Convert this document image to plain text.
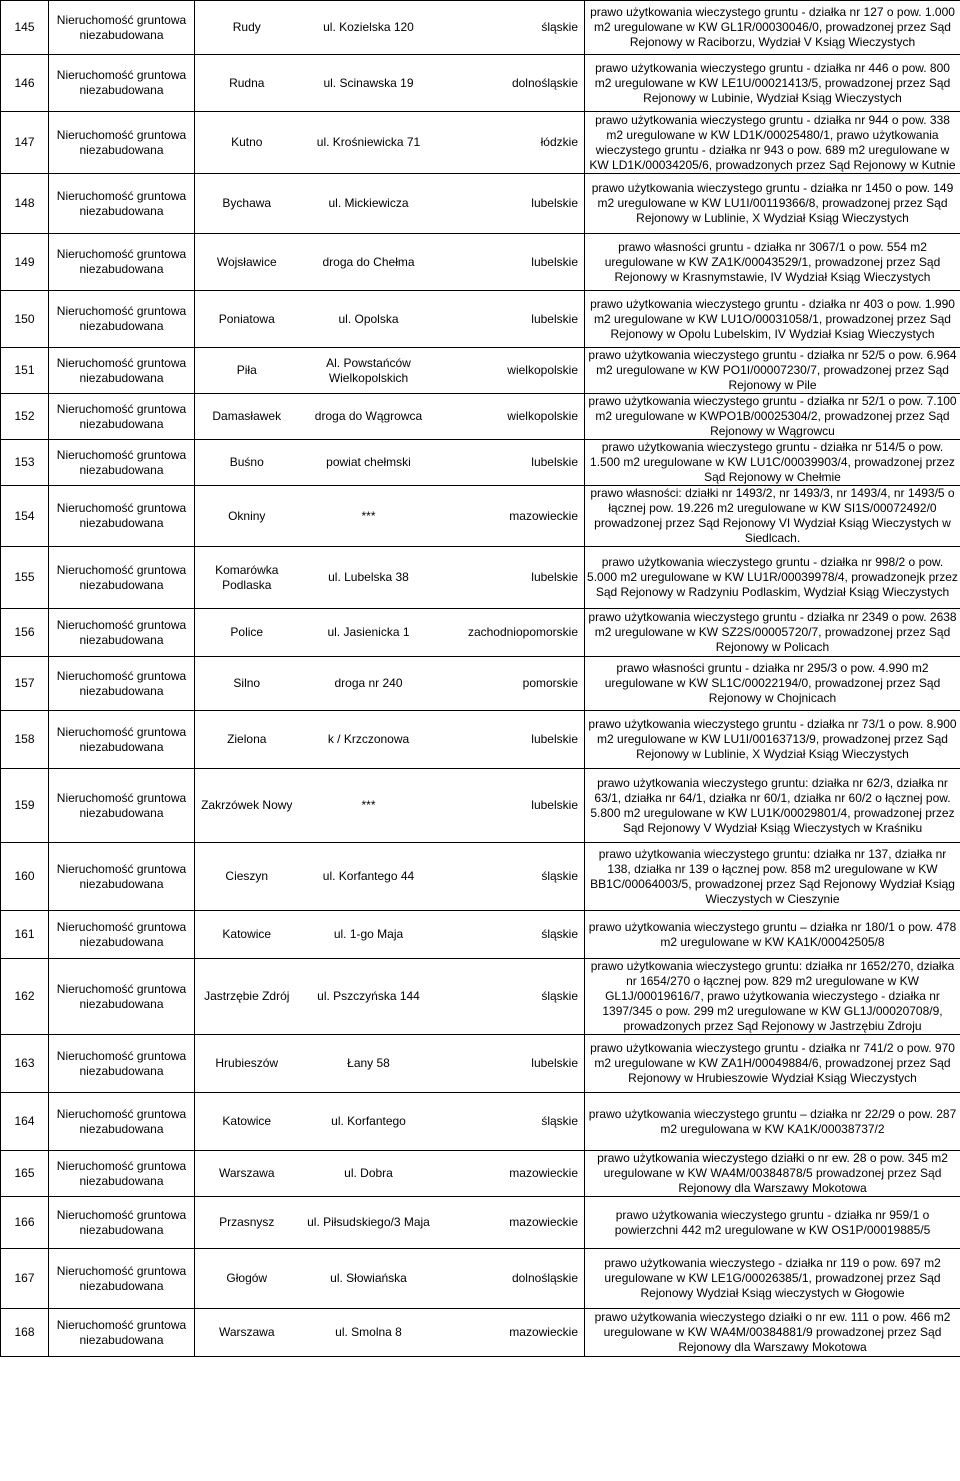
145	Nieruchomość gruntowa niezabudowana	Rudy	ul. Kozielska 120	śląskie	prawo użytkowania wieczystego gruntu - działka nr 127 o pow. 1.000 m2 uregulowane w KW GL1R/00030046/0, prowadzonej przez Sąd Rejonowy w Raciborzu, Wydział V Ksiąg Wieczystych
146	Nieruchomość gruntowa niezabudowana	Rudna	ul. Scinawska 19	dolnośląskie	prawo użytkowania wieczystego gruntu - działka nr 446 o pow. 800 m2 uregulowane w KW LE1U/00021413/5, prowadzonej przez Sąd Rejonowy w Lubinie, Wydział Ksiąg Wieczystych
147	Nieruchomość gruntowa niezabudowana	Kutno	ul. Krośniewicka 71	łódzkie	prawo użytkowania wieczystego gruntu - działka nr 944 o pow. 338 m2 uregulowane w KW LD1K/00025480/1, prawo użytkowania wieczystego gruntu - działka nr 943 o pow. 689 m2 uregulowane w KW LD1K/00034205/6, prowadzonych przez Sąd Rejonowy w Kutnie
148	Nieruchomość gruntowa niezabudowana	Bychawa	ul. Mickiewicza	lubelskie	prawo użytkowania wieczystego gruntu - działka nr 1450 o pow. 149 m2 uregulowane w KW LU1I/00119366/8, prowadzonej przez Sąd Rejonowy w Lublinie, X Wydział Ksiąg Wieczystych
149	Nieruchomość gruntowa niezabudowana	Wojsławice	droga do Chełma	lubelskie	prawo własności gruntu - działka nr 3067/1 o pow. 554 m2 uregulowane w KW ZA1K/00043529/1, prowadzonej przez Sąd Rejonowy w Krasnymstawie, IV Wydział Ksiąg Wieczystych
150	Nieruchomość gruntowa niezabudowana	Poniatowa	ul. Opolska	lubelskie	prawo użytkowania wieczystego gruntu - działka nr 403 o pow. 1.990 m2 uregulowane w KW LU1O/00031058/1, prowadzonej przez Sąd Rejonowy w Opolu Lubelskim, IV Wydział Ksiag Wieczystych
151	Nieruchomość gruntowa niezabudowana	Piła	Al. Powstańców Wielkopolskich	wielkopolskie	prawo użytkowania wieczystego gruntu - działka nr 52/5 o pow. 6.964 m2 uregulowane w KW PO1I/00007230/7, prowadzonej przez Sąd Rejonowy w Pile
152	Nieruchomość gruntowa niezabudowana	Damasławek	droga do Wągrowca	wielkopolskie	prawo użytkowania wieczystego gruntu - działka nr 52/1 o pow. 7.100 m2 uregulowane w KWPO1B/00025304/2, prowadzonej przez Sąd Rejonowy w Wągrowcu
153	Nieruchomość gruntowa niezabudowana	Buśno	powiat chełmski	lubelskie	prawo użytkowania wieczystego gruntu - działka nr 514/5 o pow. 1.500 m2 uregulowane w KW LU1C/00039903/4, prowadzonej przez Sąd Rejonowy w Chełmie
154	Nieruchomość gruntowa niezabudowana	Okniny	***	mazowieckie	prawo własności: działki nr 1493/2, nr 1493/3, nr 1493/4, nr 1493/5 o łącznej pow. 19.226 m2 uregulowane w KW SI1S/00072492/0 prowadzonej przez Sąd Rejonowy VI Wydział Ksiąg Wieczystych w Siedlcach.
155	Nieruchomość gruntowa niezabudowana	Komarówka Podlaska	ul. Lubelska 38	lubelskie	prawo użytkowania wieczystego gruntu - działka nr 998/2 o pow. 5.000 m2 uregulowane w KW LU1R/00039978/4, prowadzonejk przez Sąd Rejonowy w Radzyniu Podlaskim, Wydział Ksiąg Wieczystych
156	Nieruchomość gruntowa niezabudowana	Police	ul. Jasienicka 1	zachodniopomorskie	prawo użytkowania wieczystego gruntu - działka nr 2349 o pow. 2638 m2 uregulowane w KW SZ2S/00005720/7, prowadzonej przez Sąd Rejonowy w Policach
157	Nieruchomość gruntowa niezabudowana	Silno	droga nr 240	pomorskie	prawo własności gruntu - działka nr 295/3 o pow. 4.990 m2 uregulowane w KW SL1C/00022194/0, prowadzonej przez Sąd Rejonowy w Chojnicach
158	Nieruchomość gruntowa niezabudowana	Zielona	k / Krzczonowa	lubelskie	prawo użytkowania wieczystego gruntu - działka nr 73/1 o pow. 8.900 m2 uregulowane w KW LU1I/00163713/9, prowadzonej przez Sąd Rejonowy w Lublinie, X Wydział Ksiąg Wieczystych
159	Nieruchomość gruntowa niezabudowana	Zakrzówek Nowy	***	lubelskie	prawo użytkowania wieczystego gruntu: działka nr 62/3, działka nr 63/1, działka nr 64/1, działka nr 60/1, działka nr 60/2 o łącznej pow. 5.800 m2 uregulowane w KW LU1K/00029801/4, prowadzonej przez Sąd Rejonowy V Wydział Ksiąg Wieczystych w Kraśniku
160	Nieruchomość gruntowa niezabudowana	Cieszyn	ul. Korfantego 44	śląskie	prawo użytkowania wieczystego gruntu: działka nr 137, działka nr 138, działka nr 139 o łącznej pow. 858 m2 uregulowane w KW BB1C/00064003/5, prowadzonej przez Sąd Rejonowy Wydział Ksiąg Wieczystych w Cieszynie
161	Nieruchomość gruntowa niezabudowana	Katowice	ul. 1-go Maja	śląskie	prawo użytkowania wieczystego gruntu – działka nr 180/1 o pow. 478 m2 uregulowane w KW KA1K/00042505/8
162	Nieruchomość gruntowa niezabudowana	Jastrzębie Zdrój	ul. Pszczyńska 144	śląskie	prawo użytkowania wieczystego gruntu: działka nr 1652/270, działka nr 1654/270 o łącznej pow. 829 m2 uregulowane w KW GL1J/00019616/7, prawo użytkowania wieczystego - działka nr 1397/345 o pow. 299 m2 uregulowane w KW GL1J/00020708/9, prowadzonych przez Sąd Rejonowy w Jastrzębiu Zdroju
163	Nieruchomość gruntowa niezabudowana	Hrubieszów	Łany 58	lubelskie	prawo użytkowania wieczystego gruntu - działka nr 741/2 o pow. 970 m2 uregulowane w KW ZA1H/00049884/6, prowadzonej przez Sąd Rejonowy w Hrubieszowie Wydział Ksiąg Wieczystych
164	Nieruchomość gruntowa niezabudowana	Katowice	ul. Korfantego	śląskie	prawo użytkowania wieczystego gruntu – działka nr 22/29 o pow. 287 m2 uregulowana w KW KA1K/00038737/2
165	Nieruchomość gruntowa niezabudowana	Warszawa	ul. Dobra	mazowieckie	prawo użytkowania wieczystego działki o nr ew. 28 o pow. 345 m2 uregulowane w KW WA4M/00384878/5 prowadzonej przez Sąd Rejonowy dla Warszawy Mokotowa
166	Nieruchomość gruntowa niezabudowana	Przasnysz	ul. Piłsudskiego/3 Maja	mazowieckie	prawo użytkowania wieczystego gruntu - działka nr 959/1 o powierzchni 442 m2 uregulowane w KW OS1P/00019885/5
167	Nieruchomość gruntowa niezabudowana	Głogów	ul. Słowiańska	dolnośląskie	prawo użytkowania wieczystego - działka nr 119 o pow. 697 m2 uregulowane w KW LE1G/00026385/1, prowadzonej przez Sąd Rejonowy Wydział Ksiąg wieczystych w Głogowie
168	Nieruchomość gruntowa niezabudowana	Warszawa	ul. Smolna 8	mazowieckie	prawo użytkowania wieczystego działki o nr ew. 111 o pow. 466 m2 uregulowane w KW WA4M/00384881/9 prowadzonej przez Sąd Rejonowy dla Warszawy Mokotowa
